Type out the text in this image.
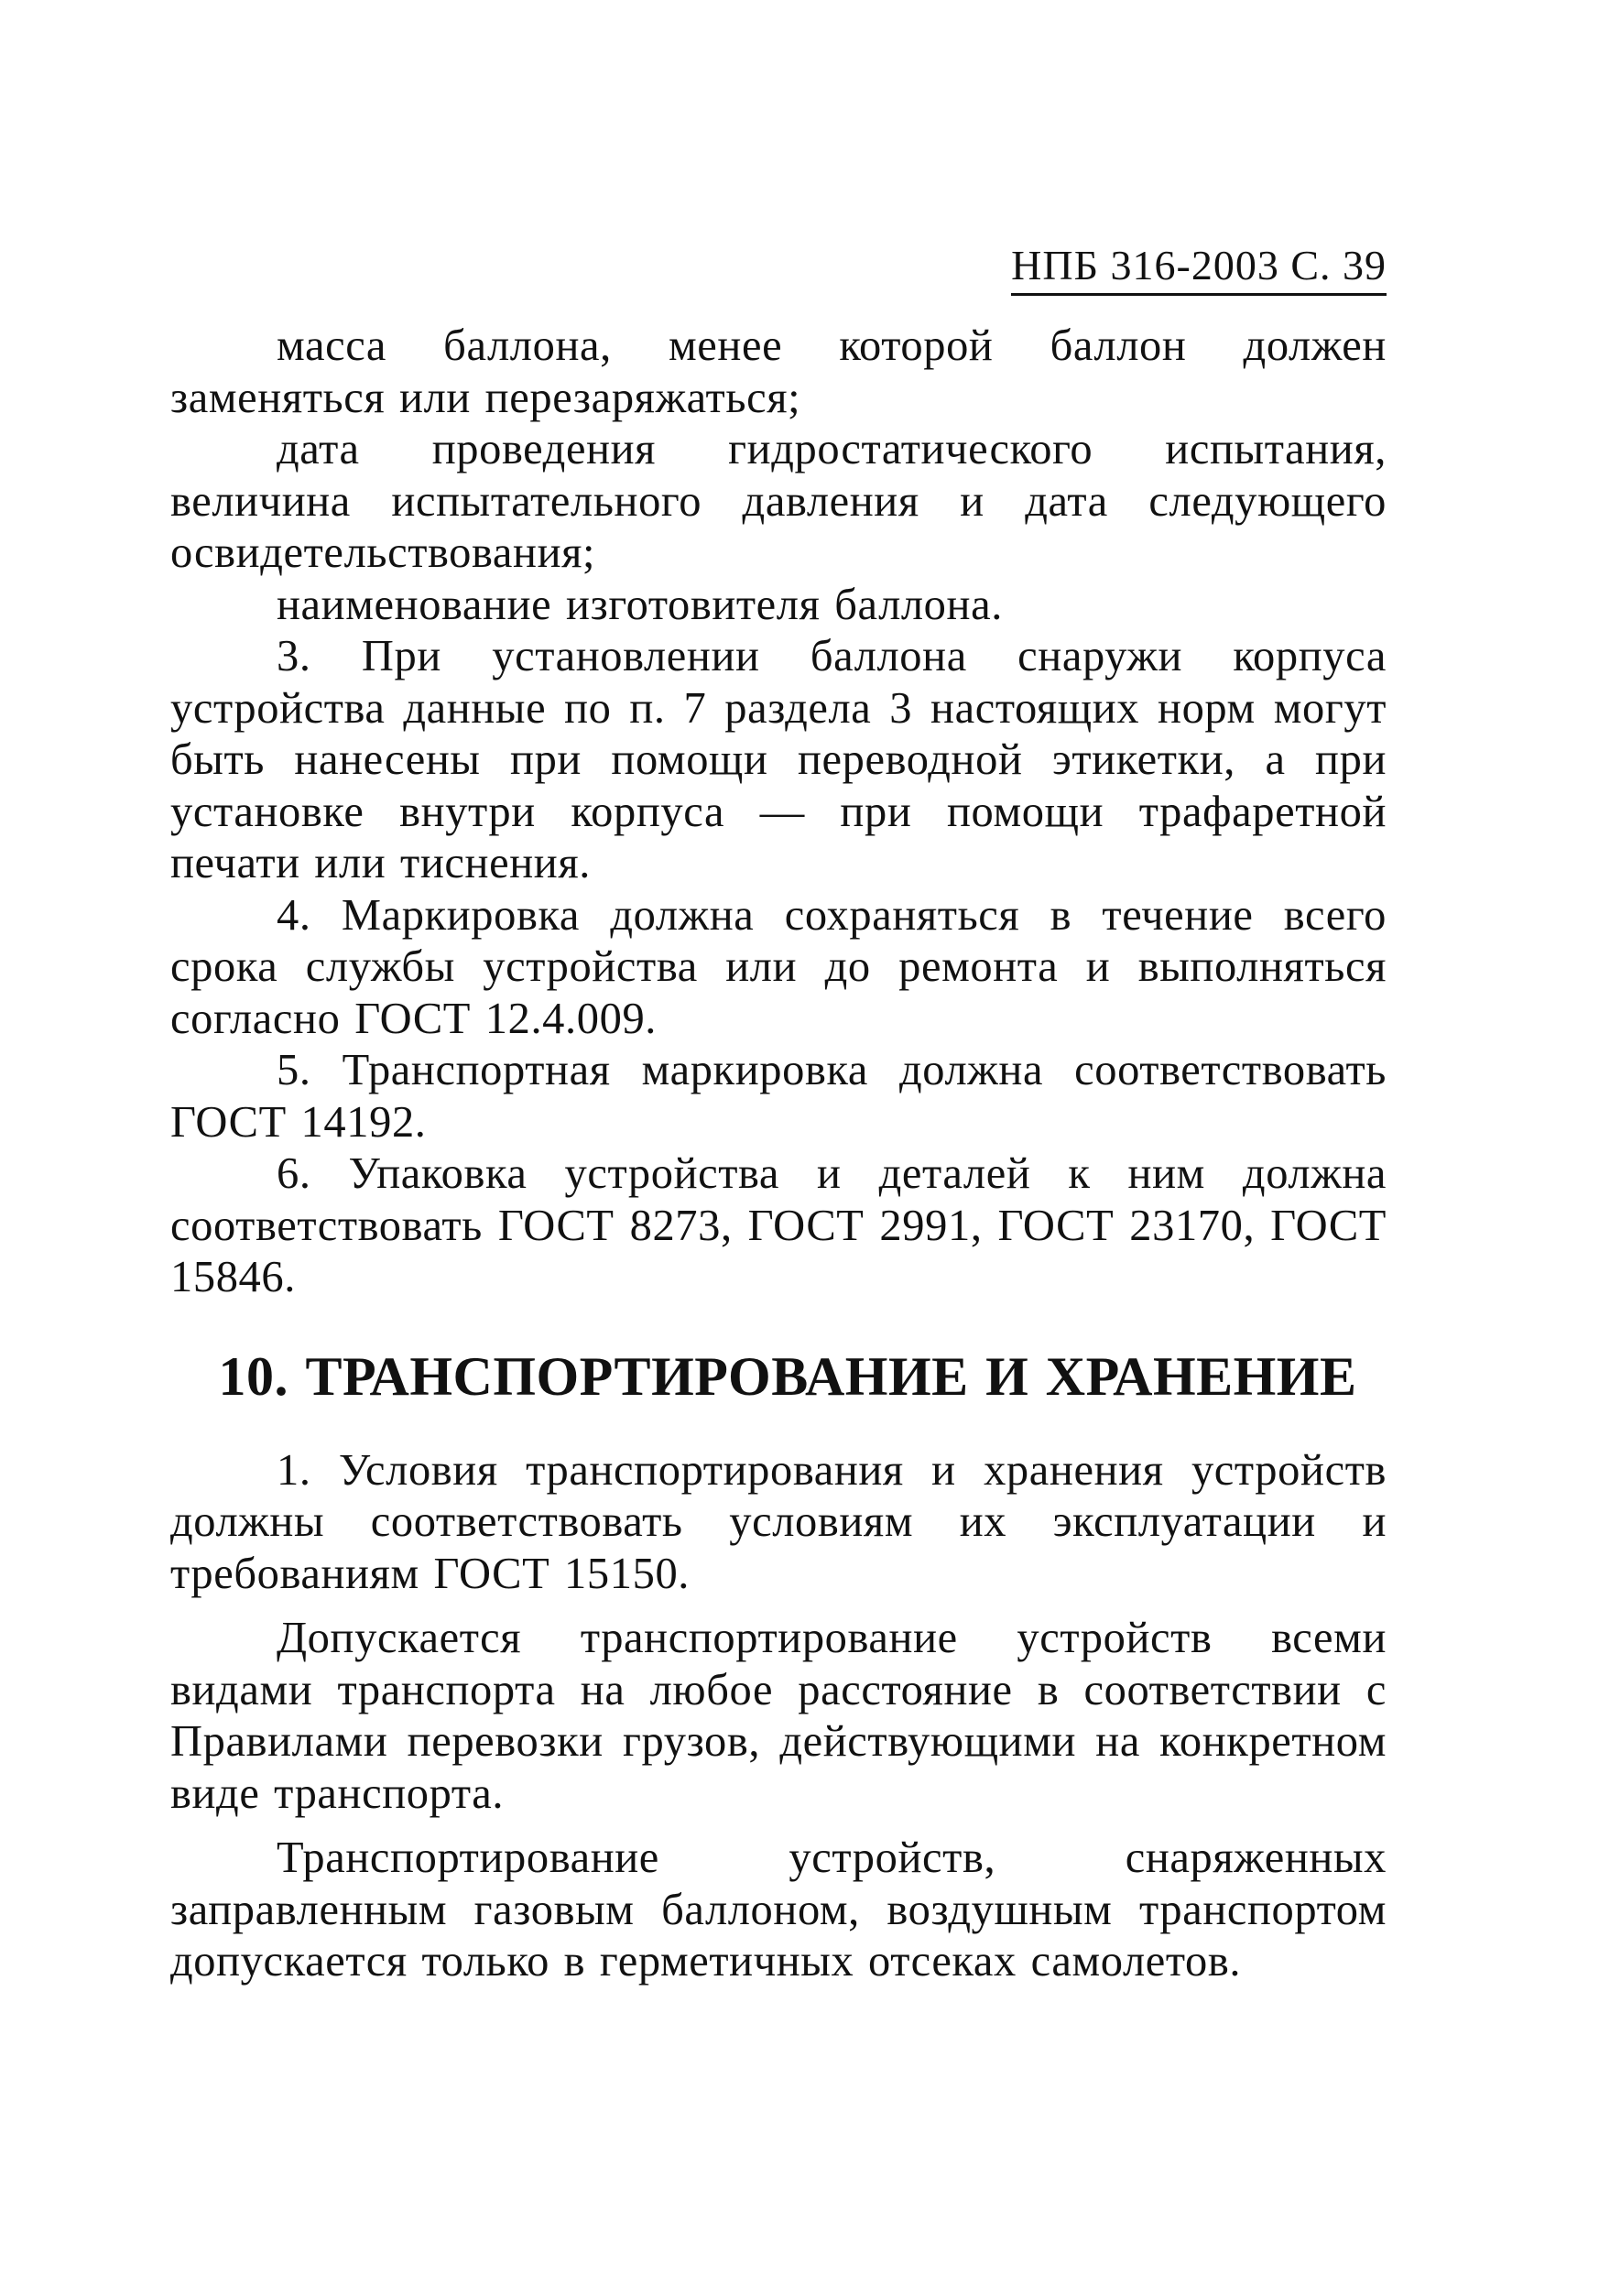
НПБ 316-2003 С. 39

масса баллона, менее которой баллон должен заменяться или перезаряжаться;

дата проведения гидростатического испытания, величина испытательного давления и дата следующего освидетельствования;

наименование изготовителя баллона.

3. При установлении баллона снаружи корпуса устройства данные по п. 7 раздела 3 настоящих норм могут быть нанесены при помощи переводной этикетки, а при установке внутри корпуса — при помощи трафаретной печати или тиснения.

4. Маркировка должна сохраняться в течение всего срока службы устройства или до ремонта и выполняться согласно ГОСТ 12.4.009.

5. Транспортная маркировка должна соответствовать ГОСТ 14192.

6. Упаковка устройства и деталей к ним должна соответствовать ГОСТ 8273, ГОСТ 2991, ГОСТ 23170, ГОСТ 15846.

10. ТРАНСПОРТИРОВАНИЕ И ХРАНЕНИЕ

1. Условия транспортирования и хранения устройств должны соответствовать условиям их эксплуатации и требованиям ГОСТ 15150.

Допускается транспортирование устройств всеми видами транспорта на любое расстояние в соответствии с Правилами перевозки грузов, действующими на конкретном виде транспорта.

Транспортирование устройств, снаряженных заправленным газовым баллоном, воздушным транспортом допускается только в герметичных отсеках самолетов.
